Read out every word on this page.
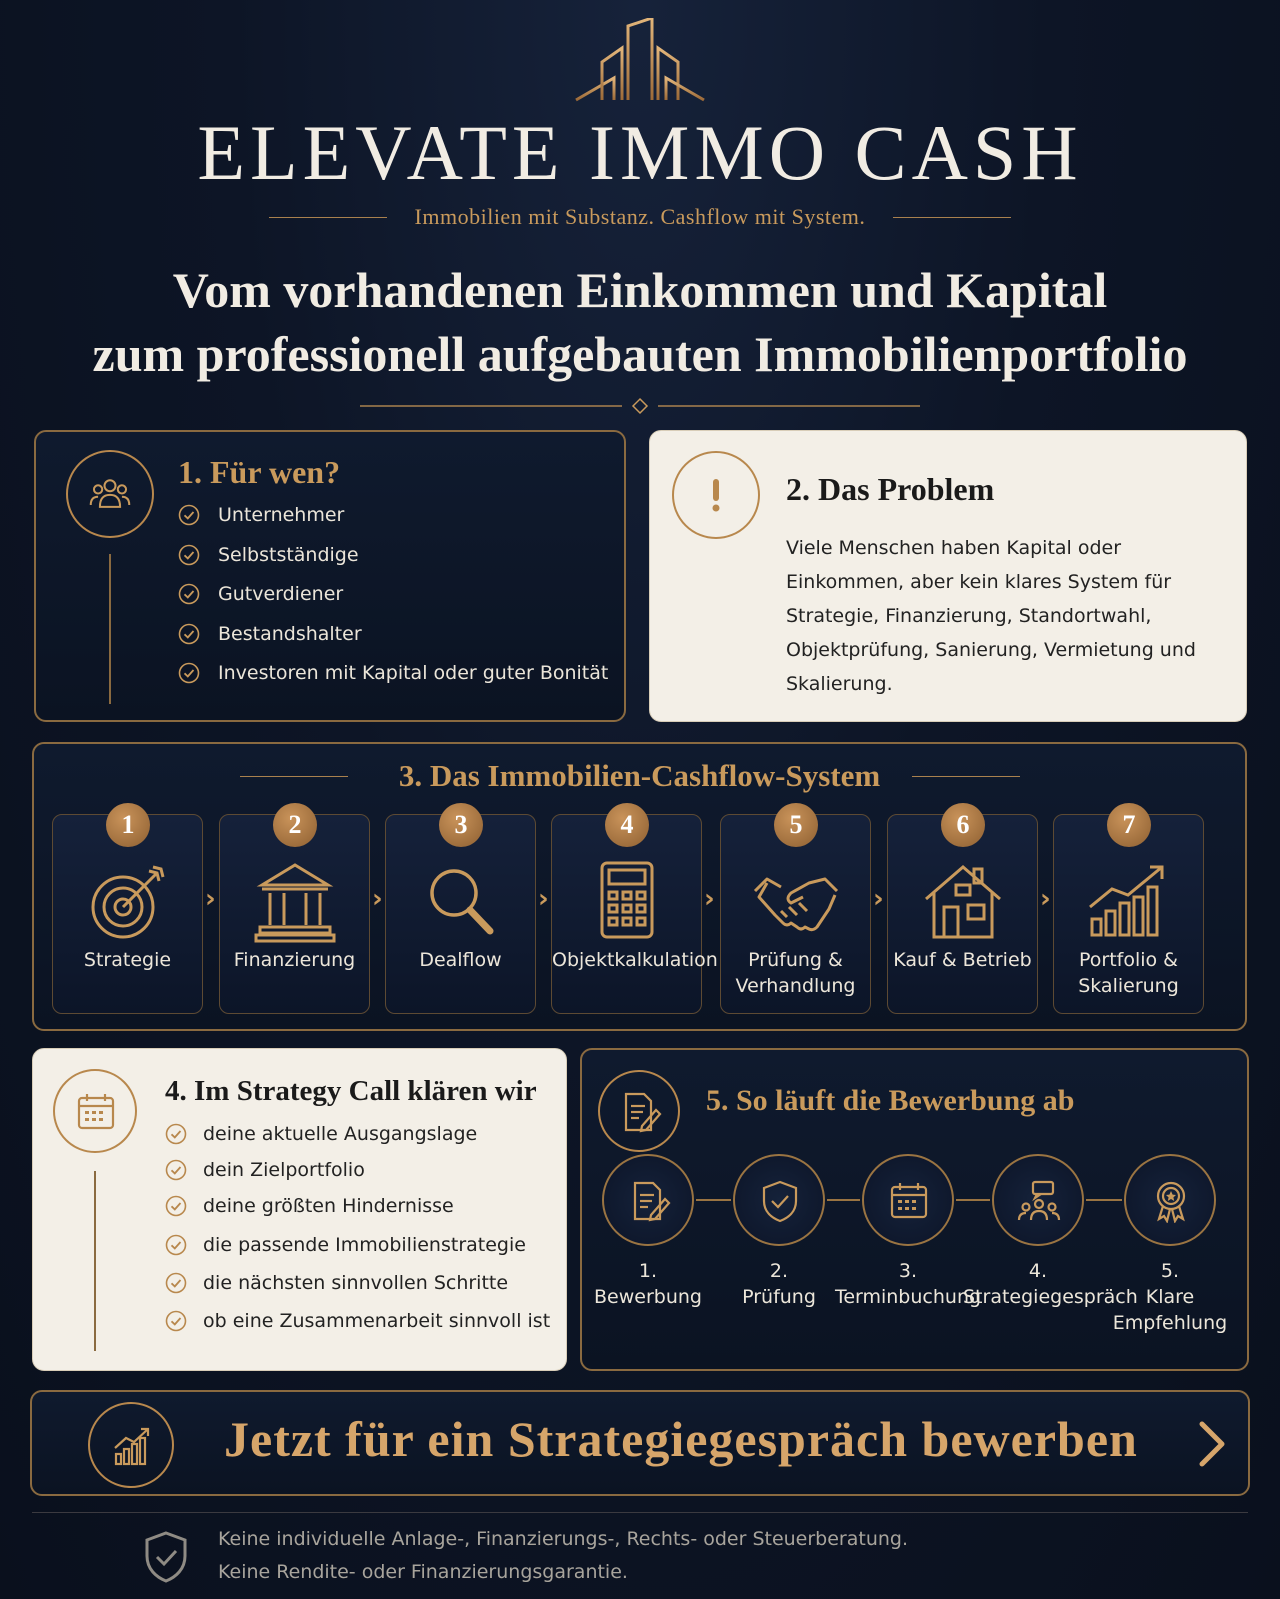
ELEVATE IMMO CASH
Immobilien mit Substanz. Cashflow mit System.
Vom vorhandenen Einkommen und Kapital
zum professionell aufgebauten Immobilienportfolio
1. Für wen?
Unternehmer
Selbstständige
Gutverdiener
Bestandshalter
Investoren mit Kapital oder guter Bonität
2. Das Problem
Viele Menschen haben Kapital oder Einkommen, aber kein klares System für Strategie, Finanzierung, Standortwahl, Objektprüfung, Sanierung, Vermietung und Skalierung.
3. Das Immobilien-Cashflow-System
1
Strategie
›
2
Finanzierung
›
3
Dealflow
›
4
Objektkalkulation
›
5
Prüfung & Verhandlung
›
6
Kauf & Betrieb
›
7
Portfolio & Skalierung
4. Im Strategy Call klären wir
deine aktuelle Ausgangslage
dein Zielportfolio
deine größten Hindernisse
die passende Immobilienstrategie
die nächsten sinnvollen Schritte
ob eine Zusammenarbeit sinnvoll ist
5. So läuft die Bewerbung ab
1.
Bewerbung
2.
Prüfung
3.
Terminbuchung
4.
Strategiegespräch
5.
Klare Empfehlung
Jetzt für ein Strategiegespräch bewerben
Keine individuelle Anlage-, Finanzierungs-, Rechts- oder Steuerberatung.
Keine Rendite- oder Finanzierungsgarantie.
